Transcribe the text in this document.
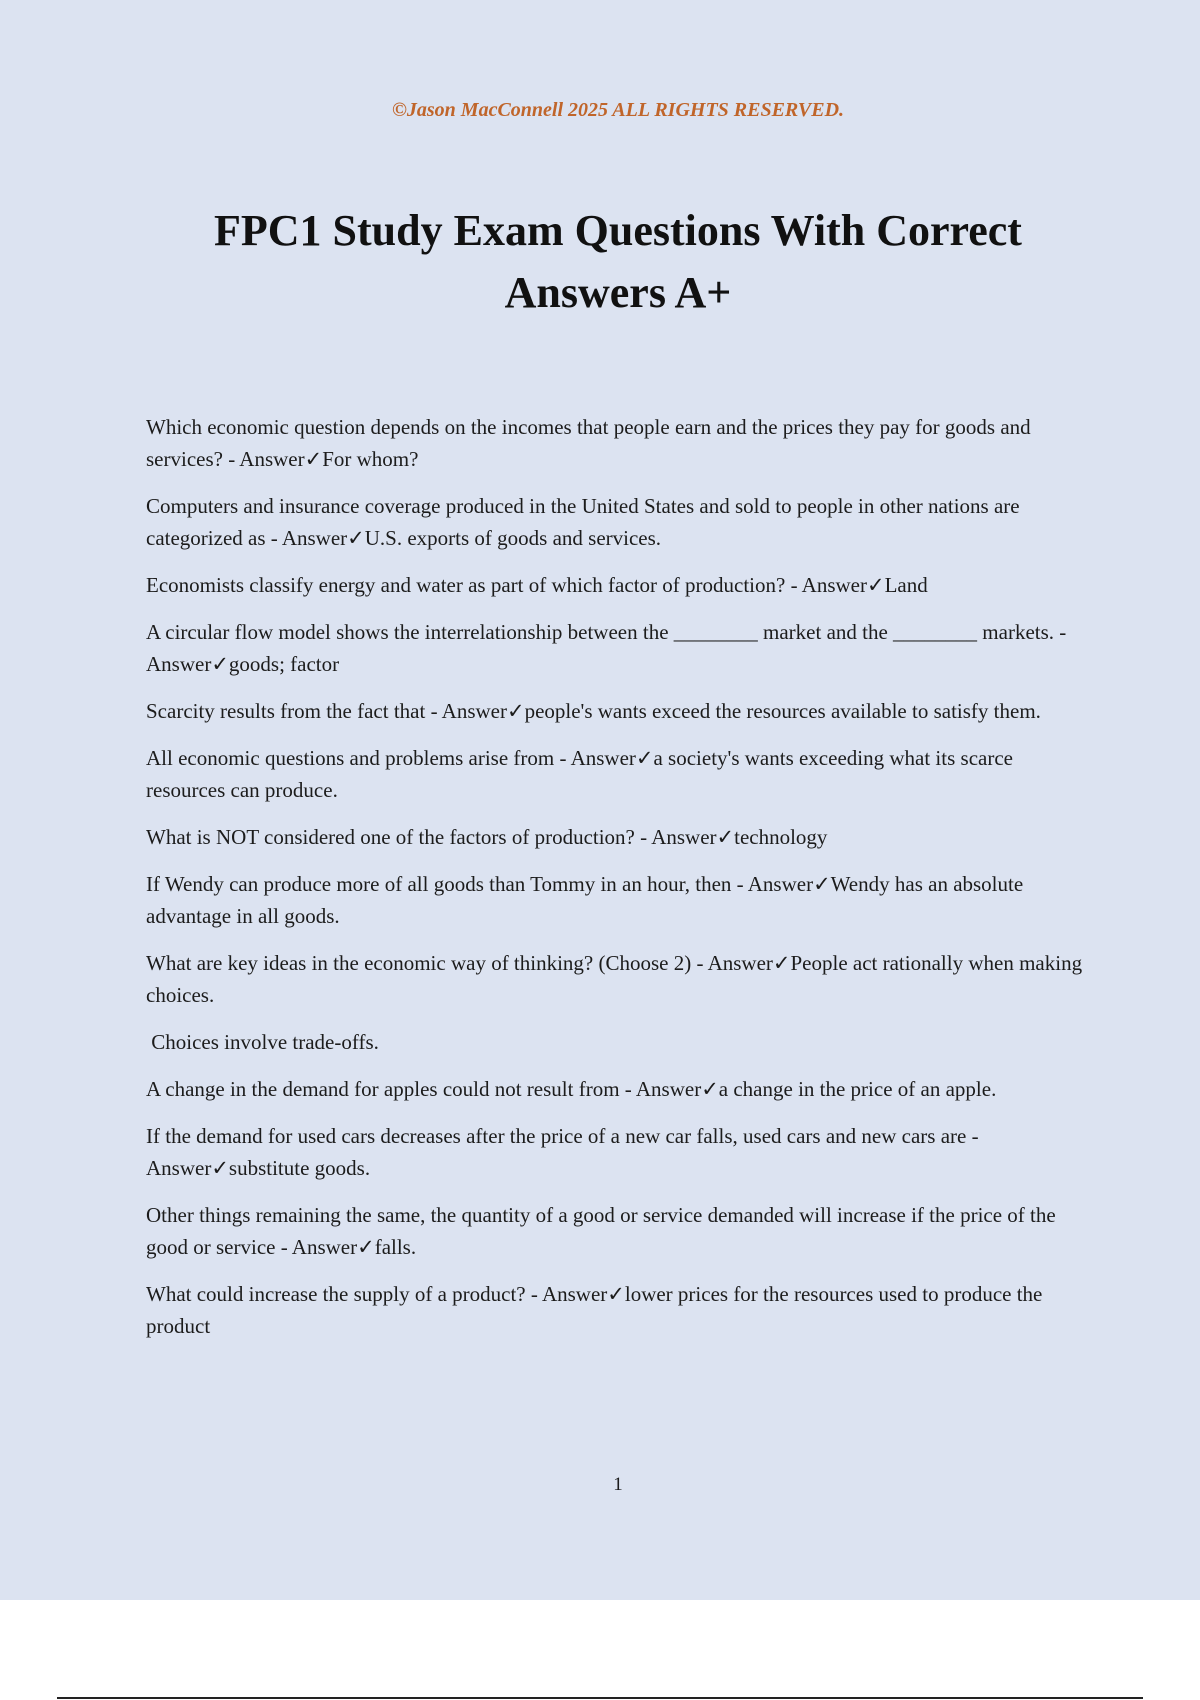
©Jason MacConnell 2025 ALL RIGHTS RESERVED.
FPC1 Study Exam Questions With Correct Answers A+

Which economic question depends on the incomes that people earn and the prices they pay for goods and services? - Answer✓For whom?

Computers and insurance coverage produced in the United States and sold to people in other nations are categorized as - Answer✓U.S. exports of goods and services.

Economists classify energy and water as part of which factor of production? - Answer✓Land

A circular flow model shows the interrelationship between the ________ market and the ________ markets. - Answer✓goods; factor

Scarcity results from the fact that - Answer✓people's wants exceed the resources available to satisfy them.

All economic questions and problems arise from - Answer✓a society's wants exceeding what its scarce resources can produce.

What is NOT considered one of the factors of production? - Answer✓technology

If Wendy can produce more of all goods than Tommy in an hour, then - Answer✓Wendy has an absolute advantage in all goods.

What are key ideas in the economic way of thinking? (Choose 2) - Answer✓People act rationally when making choices.

Choices involve trade-offs.

A change in the demand for apples could not result from - Answer✓a change in the price of an apple.

If the demand for used cars decreases after the price of a new car falls, used cars and new cars are - Answer✓substitute goods.

Other things remaining the same, the quantity of a good or service demanded will increase if the price of the good or service - Answer✓falls.

What could increase the supply of a product? - Answer✓lower prices for the resources used to produce the product

1
